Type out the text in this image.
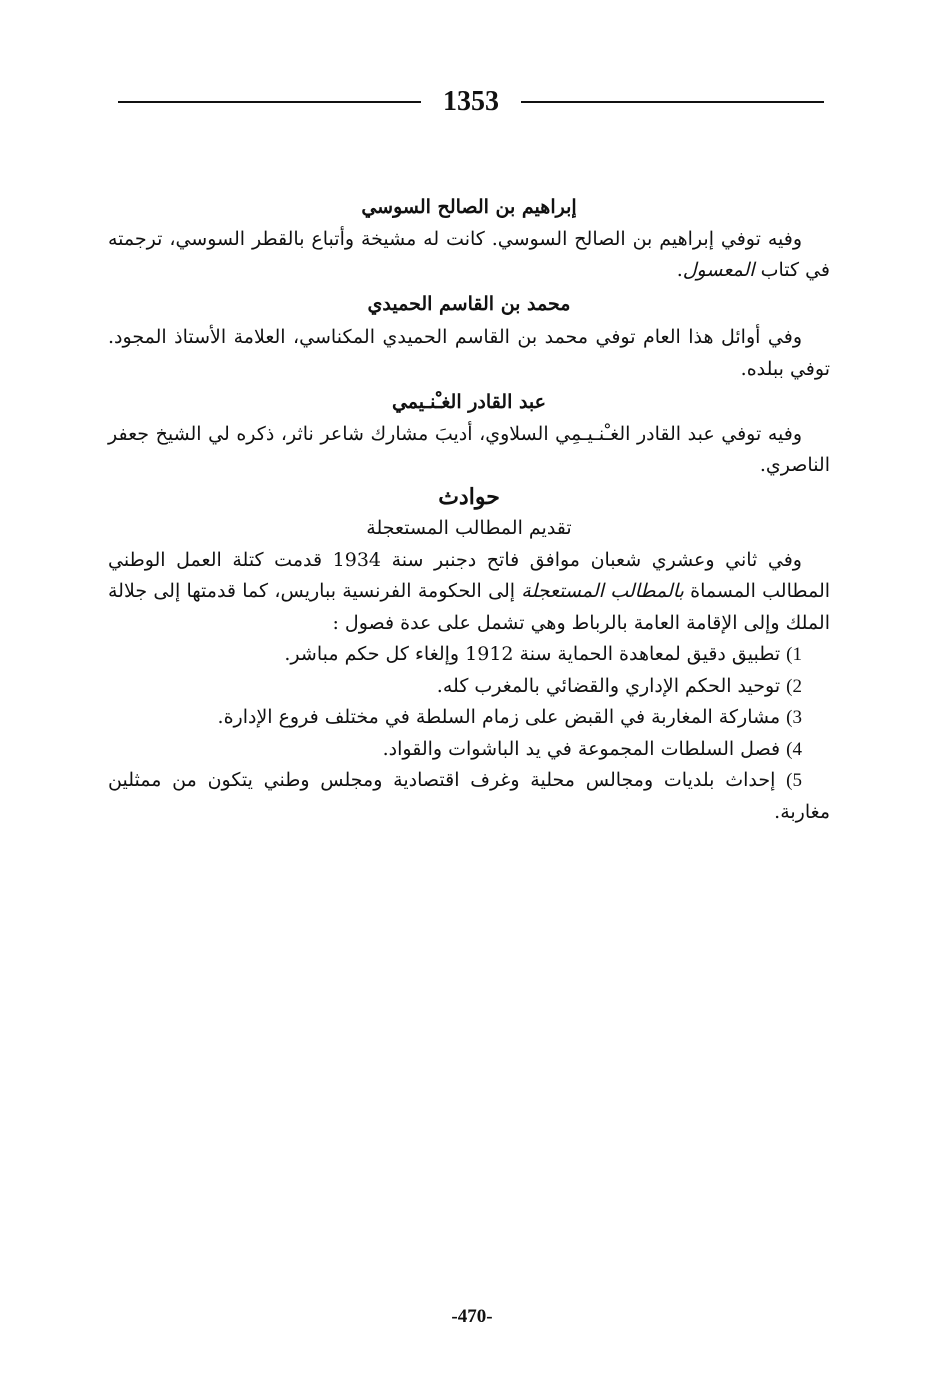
1353

إبراهيم بن الصالح السوسي

وفيه توفي إبراهيم بن الصالح السوسي. كانت له مشيخة وأتباع بالقطر السوسي، ترجمته في كتاب المعسول.

محمد بن القاسم الحميدي

وفي أوائل هذا العام توفي محمد بن القاسم الحميدي المكناسي، العلامة الأستاذ المجود. توفي ببلده.

عبد القادر الغـْنـيمي

وفيه توفي عبد القادر الغـْنـيـمِي السلاوي، أديبَ مشارك شاعر ناثر، ذكره لي الشيخ جعفر الناصري.

حوادث

تقديم المطالب المستعجلة

وفي ثاني وعشري شعبان موافق فاتح دجنبر سنة 1934 قدمت كتلة العمل الوطني المطالب المسماة بالمطالب المستعجلة إلى الحكومة الفرنسية بباريس، كما قدمتها إلى جلالة الملك وإلى الإقامة العامة بالرباط وهي تشمل على عدة فصول :

1) تطبيق دقيق لمعاهدة الحماية سنة 1912 وإلغاء كل حكم مباشر.

2) توحيد الحكم الإداري والقضائي بالمغرب كله.

3) مشاركة المغاربة في القبض على زمام السلطة في مختلف فروع الإدارة.

4) فصل السلطات المجموعة في يد الباشوات والقواد.

5) إحداث بلديات ومجالس محلية وغرف اقتصادية ومجلس وطني يتكون من ممثلين مغاربة.

-470-
